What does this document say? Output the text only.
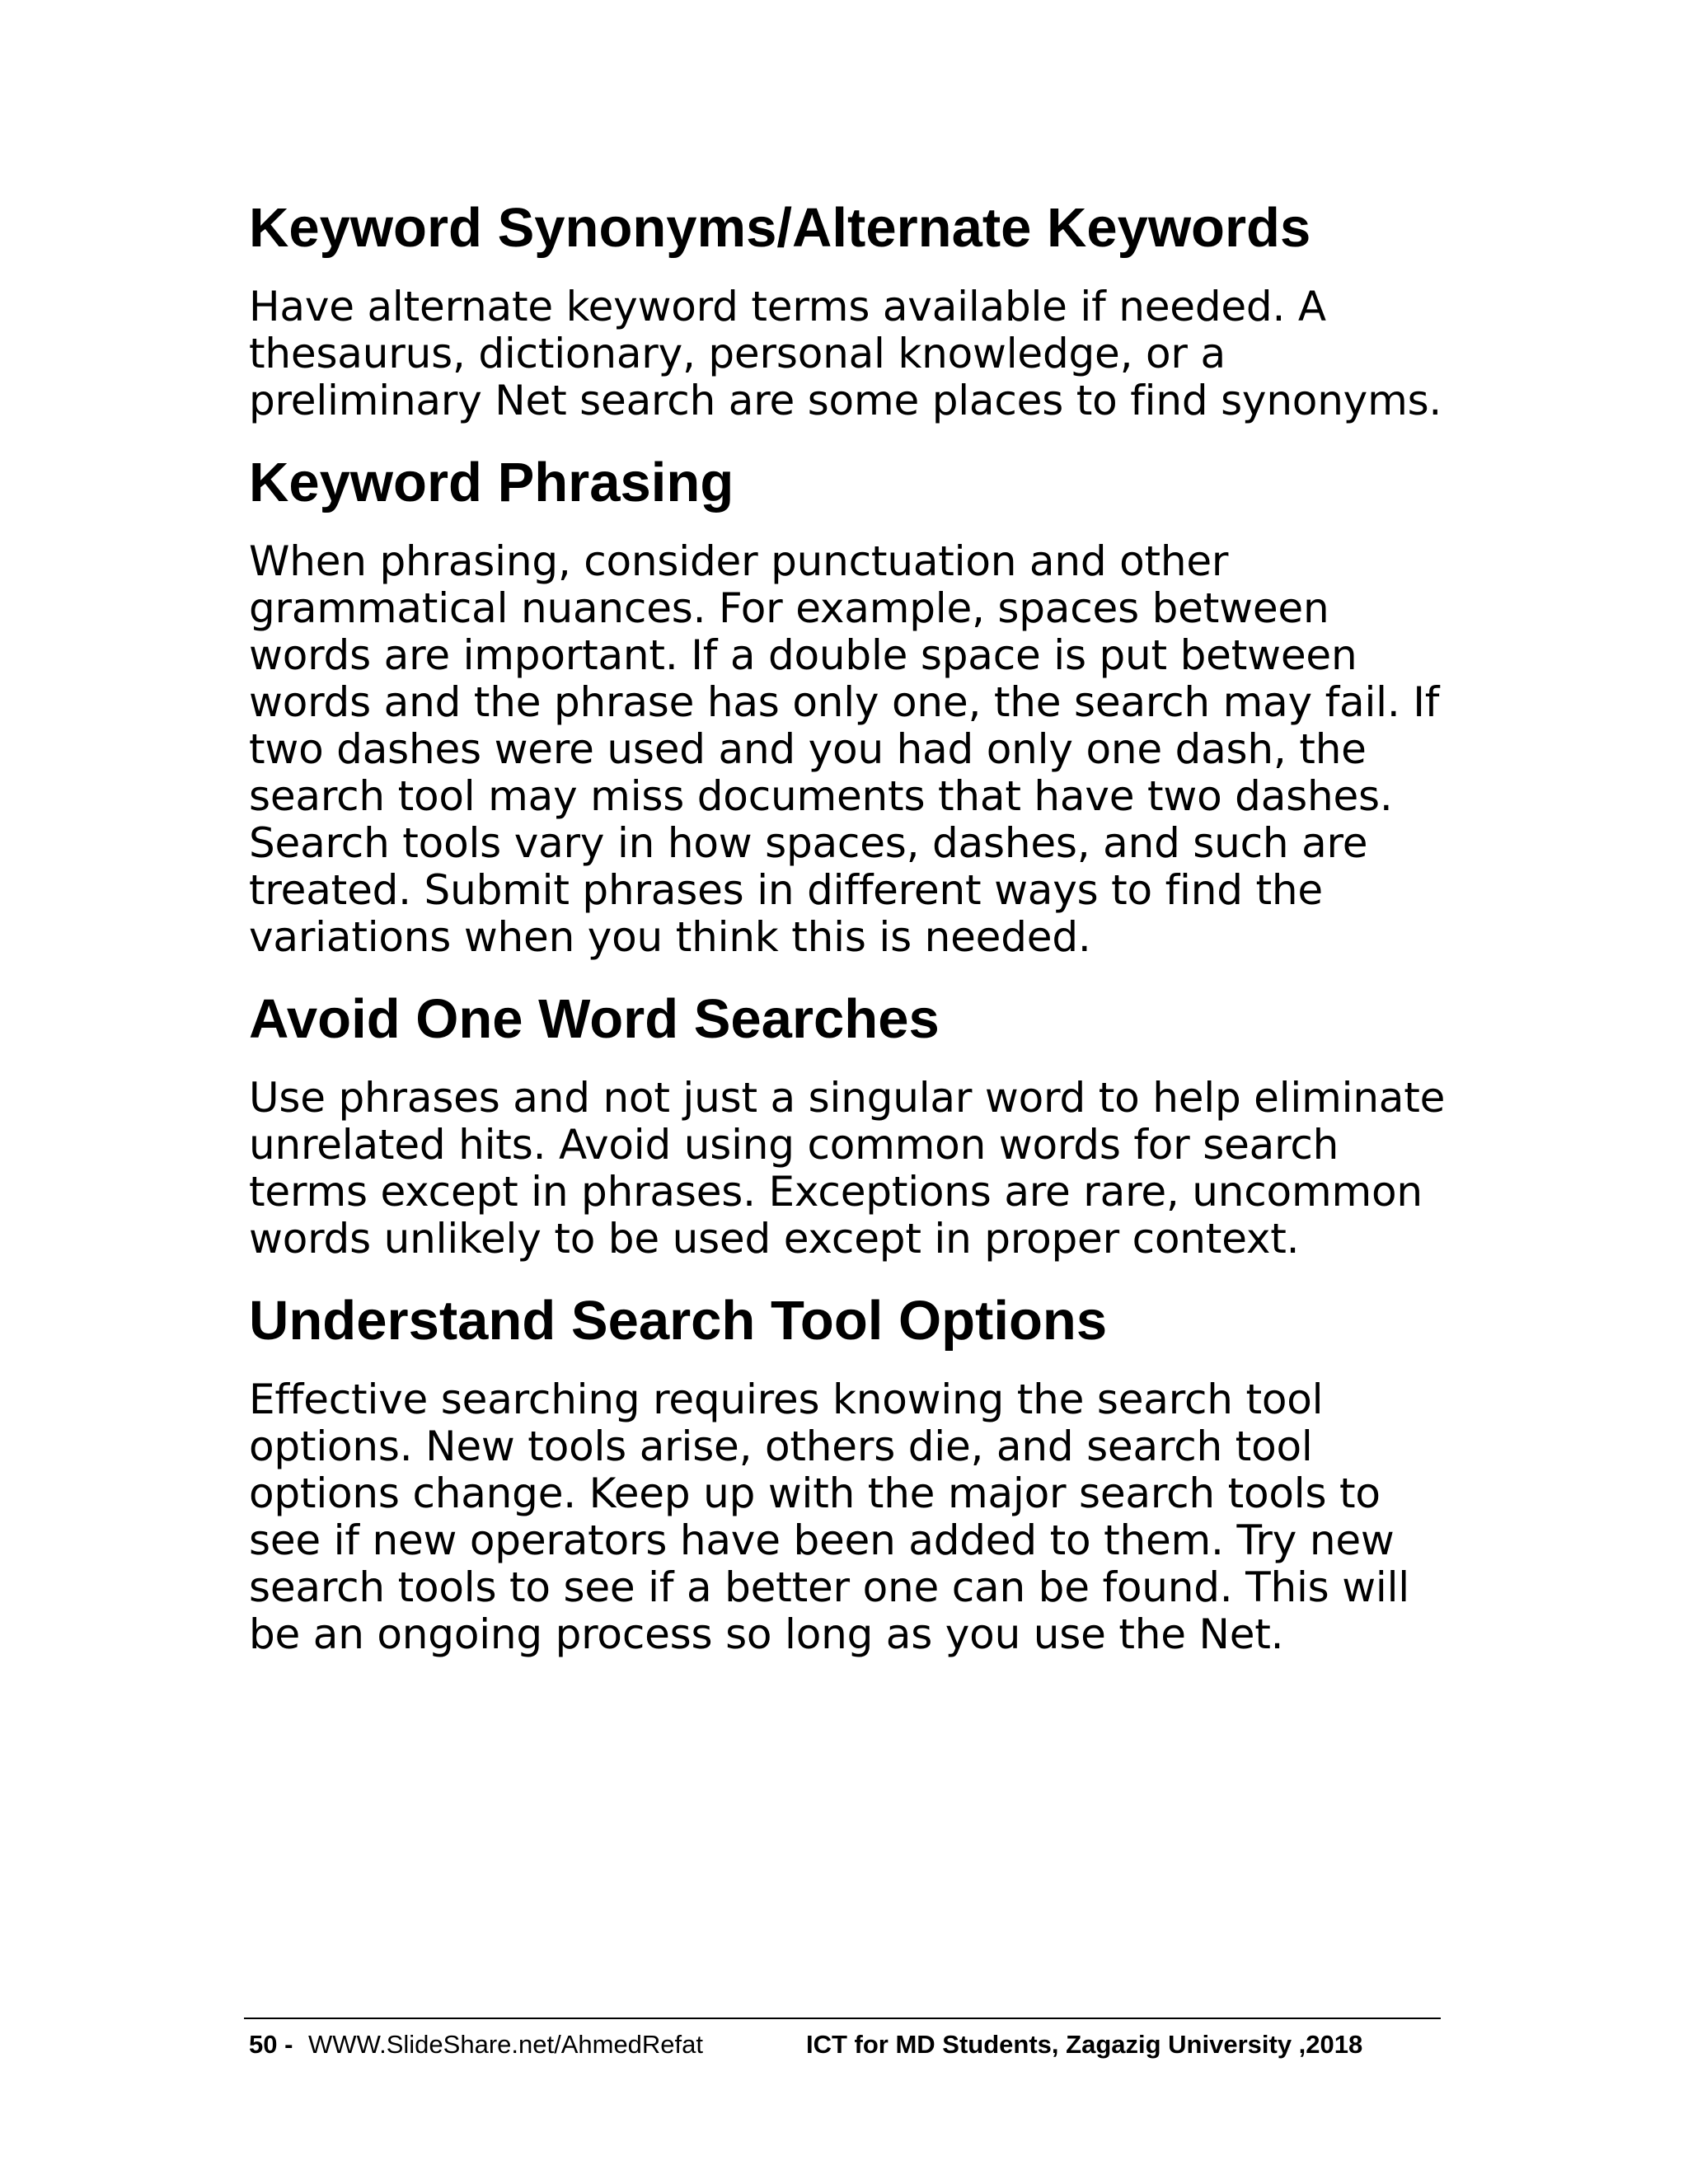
Keyword Synonyms/Alternate Keywords
Have alternate keyword terms available if needed. A
thesaurus, dictionary, personal knowledge, or a
preliminary Net search are some places to find synonyms.
Keyword Phrasing
When phrasing, consider punctuation and other
grammatical nuances. For example, spaces between
words are important. If a double space is put between
words and the phrase has only one, the search may fail. If
two dashes were used and you had only one dash, the
search tool may miss documents that have two dashes.
Search tools vary in how spaces, dashes, and such are
treated. Submit phrases in different ways to find the
variations when you think this is needed.
Avoid One Word Searches
Use phrases and not just a singular word to help eliminate
unrelated hits. Avoid using common words for search
terms except in phrases. Exceptions are rare, uncommon
words unlikely to be used except in proper context.
Understand Search Tool Options
Effective searching requires knowing the search tool
options. New tools arise, others die, and search tool
options change. Keep up with the major search tools to
see if new operators have been added to them. Try new
search tools to see if a better one can be found. This will
be an ongoing process so long as you use the Net.
50 - WWW.SlideShare.net/AhmedRefat	ICT for MD Students, Zagazig University ,2018
